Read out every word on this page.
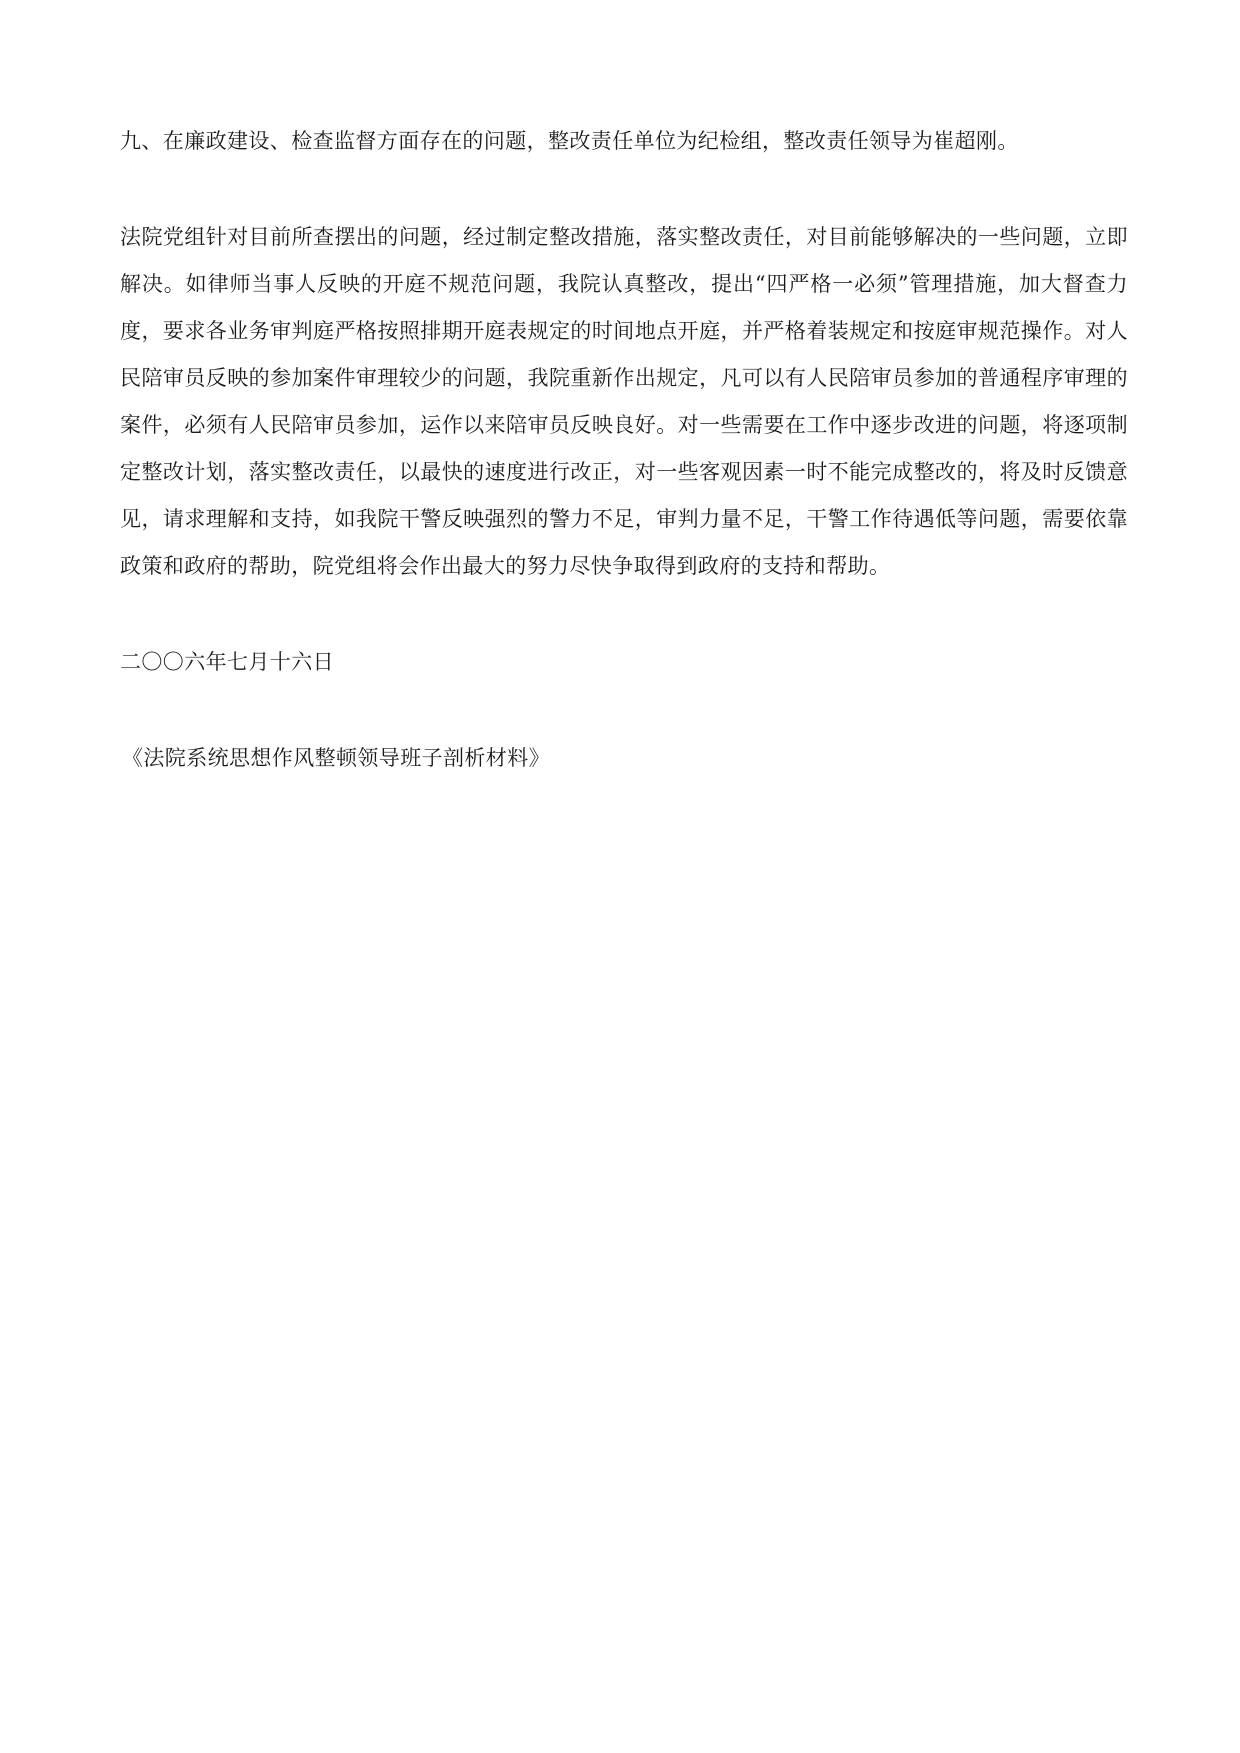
九、在廉政建设、检查监督方面存在的问题，整改责任单位为纪检组，整改责任领导为崔超刚。

法院党组针对目前所查摆出的问题，经过制定整改措施，落实整改责任，对目前能够解决的一些问题，立即解决。如律师当事人反映的开庭不规范问题，我院认真整改，提出“四严格一必须”管理措施，加大督查力度，要求各业务审判庭严格按照排期开庭表规定的时间地点开庭，并严格着装规定和按庭审规范操作。对人民陪审员反映的参加案件审理较少的问题，我院重新作出规定，凡可以有人民陪审员参加的普通程序审理的案件，必须有人民陪审员参加，运作以来陪审员反映良好。对一些需要在工作中逐步改进的问题，将逐项制定整改计划，落实整改责任，以最快的速度进行改正，对一些客观因素一时不能完成整改的，将及时反馈意见，请求理解和支持，如我院干警反映强烈的警力不足，审判力量不足，干警工作待遇低等问题，需要依靠政策和政府的帮助，院党组将会作出最大的努力尽快争取得到政府的支持和帮助。

二〇〇六年七月十六日

《法院系统思想作风整顿领导班子剖析材料》
